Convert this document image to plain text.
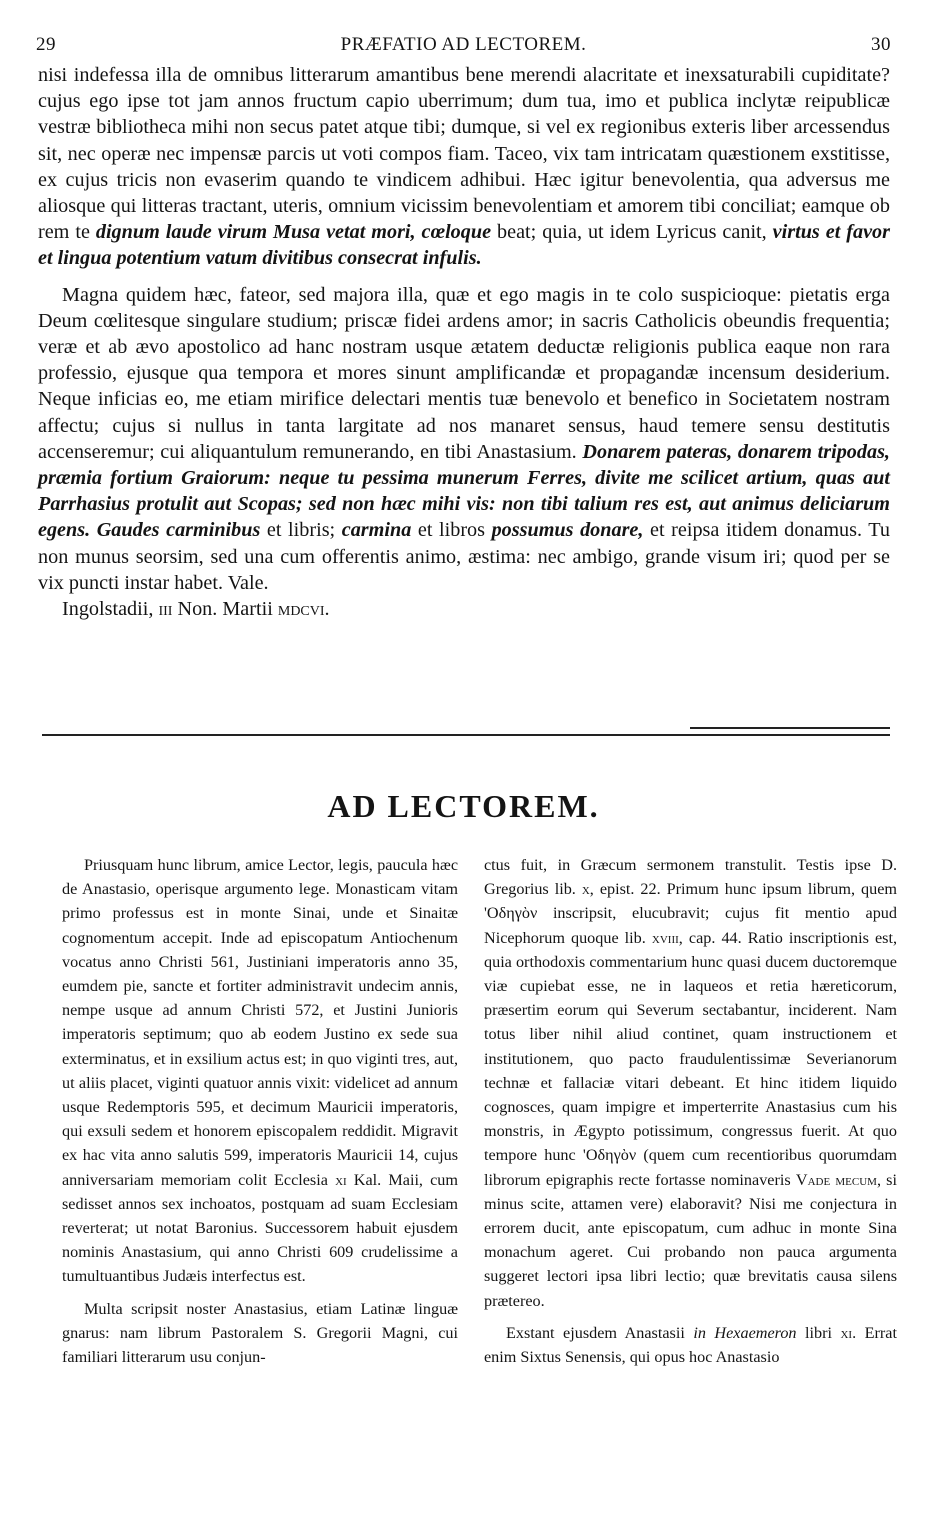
29	PRÆFATIO AD LECTOREM.	30

nisi indefessa illa de omnibus litterarum amantibus bene merendi alacritate et inexsaturabili cupiditate? cujus ego ipse tot jam annos fructum capio uberrimum; dum tua, imo et publica inclytæ reipublicæ vestræ bibliotheca mihi non secus patet atque tibi; dumque, si vel ex regionibus exteris liber arcessendus sit, nec operæ nec impensæ parcis ut voti compos fiam. Taceo, vix tam intricatam quæstionem exstitisse, ex cujus tricis non evaserim quando te vindicem adhibui. Hæc igitur benevolentia, qua adversus me aliosque qui litteras tractant, uteris, omnium vicissim benevolentiam et amorem tibi conciliat; eamque ob rem te dignum laude virum Musa vetat mori, cœloque beat; quia, ut idem Lyricus canit, virtus et favor et lingua potentium vatum divitibus consecrat infulis.

Magna quidem hæc, fateor, sed majora illa, quæ et ego magis in te colo suspicioque: pietatis erga Deum cœlitesque singulare studium; priscæ fidei ardens amor; in sacris Catholicis obeundis frequentia; veræ et ab ævo apostolico ad hanc nostram usque ætatem deductæ religionis publica eaque non rara professio, ejusque qua tempora et mores sinunt amplificandæ et propagandæ incensum desiderium. Neque inficias eo, me etiam mirifice delectari mentis tuæ benevolo et benefico in Societatem nostram affectu; cujus si nullus in tanta largitate ad nos manaret sensus, haud temere sensu destitutis accenseremur; cui aliquantulum remunerando, en tibi Anastasium. Donarem pateras, donarem tripodas, præmia fortium Graiorum: neque tu pessima munerum Ferres, divite me scilicet artium, quas aut Parrhasius protulit aut Scopas; sed non hæc mihi vis: non tibi talium res est, aut animus deliciarum egens. Gaudes carminibus et libris; carmina et libros possumus donare, et reipsa itidem donamus. Tu non munus seorsim, sed una cum offerentis animo, æstima: nec ambigo, grande visum iri; quod per se vix puncti instar habet. Vale.

Ingolstadii, iii Non. Martii mdcvi.

AD LECTOREM.

Priusquam hunc librum, amice Lector, legis, paucula hæc de Anastasio, operisque argumento lege. Monasticam vitam primo professus est in monte Sinai, unde et Sinaitæ cognomentum accepit. Inde ad episcopatum Antiochenum vocatus anno Christi 561, Justiniani imperatoris anno 35, eumdem pie, sancte et fortiter administravit undecim annis, nempe usque ad annum Christi 572, et Justini Junioris imperatoris septimum; quo ab eodem Justino ex sede sua exterminatus, et in exsilium actus est; in quo viginti tres, aut, ut aliis placet, viginti quatuor annis vixit: videlicet ad annum usque Redemptoris 595, et decimum Mauricii imperatoris, qui exsuli sedem et honorem episcopalem reddidit. Migravit ex hac vita anno salutis 599, imperatoris Mauricii 14, cujus anniversariam memoriam colit Ecclesia xi Kal. Maii, cum sedisset annos sex inchoatos, postquam ad suam Ecclesiam reverterat; ut notat Baronius. Successorem habuit ejusdem nominis Anastasium, qui anno Christi 609 crudelissime a tumultuantibus Judæis interfectus est.

Multa scripsit noster Anastasius, etiam Latinæ linguæ gnarus: nam librum Pastoralem S. Gregorii Magni, cui familiari litterarum usu conjun-

ctus fuit, in Græcum sermonem transtulit. Testis ipse D. Gregorius lib. x, epist. 22. Primum hunc ipsum librum, quem 'Οδηγὸν inscripsit, elucubravit; cujus fit mentio apud Nicephorum quoque lib. xviii, cap. 44. Ratio inscriptionis est, quia orthodoxis commentarium hunc quasi ducem ductoremque viæ cupiebat esse, ne in laqueos et retia hæreticorum, præsertim eorum qui Severum sectabantur, inciderent. Nam totus liber nihil aliud continet, quam instructionem et institutionem, quo pacto fraudulentissimæ Severianorum technæ et fallaciæ vitari debeant. Et hinc itidem liquido cognosces, quam impigre et imperterrite Anastasius cum his monstris, in Ægypto potissimum, congressus fuerit. At quo tempore hunc 'Οδηγὸν (quem cum recentioribus quorumdam librorum epigraphis recte fortasse nominaveris Vade mecum, si minus scite, attamen vere) elaboravit? Nisi me conjectura in errorem ducit, ante episcopatum, cum adhuc in monte Sina monachum ageret. Cui probando non pauca argumenta suggeret lectori ipsa libri lectio; quæ brevitatis causa silens prætereo.

Exstant ejusdem Anastasii in Hexaemeron libri xi. Errat enim Sixtus Senensis, qui opus hoc Anastasio
